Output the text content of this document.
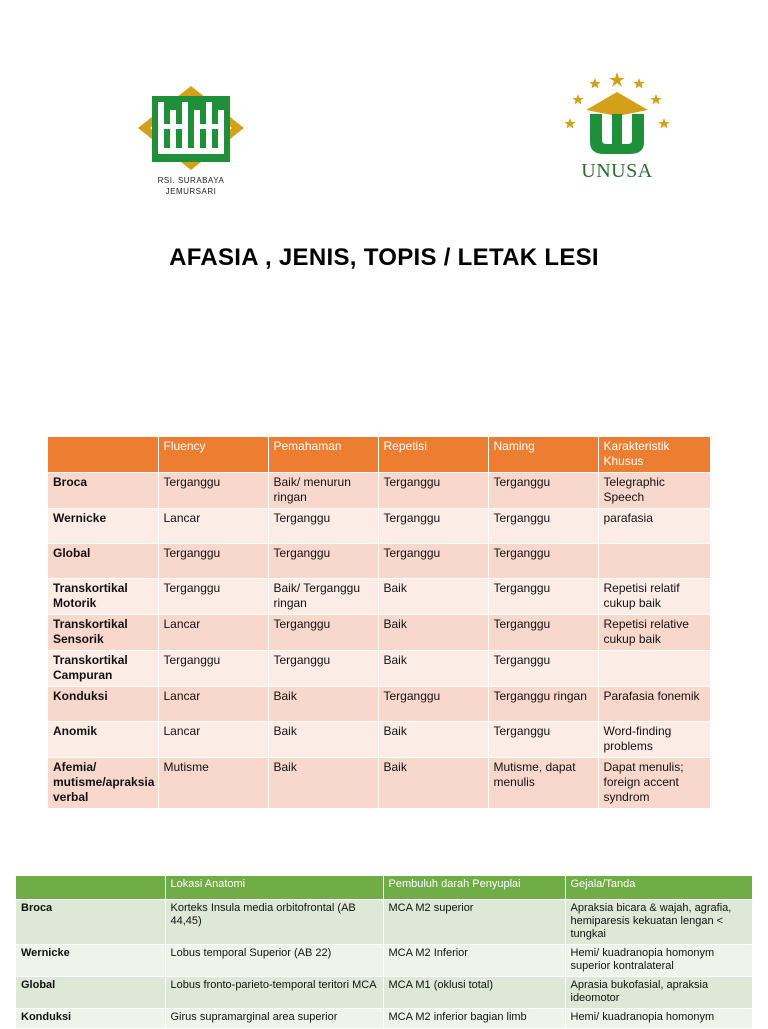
RSI. SURABAYA
JEMURSARI
UNUSA
AFASIA , JENIS, TOPIS / LETAK LESI
	Fluency	Pemahaman	Repetisi	Naming	Karakteristik Khusus
Broca	Terganggu	Baik/ menurun ringan	Terganggu	Terganggu	Telegraphic Speech
Wernicke	Lancar	Terganggu	Terganggu	Terganggu	parafasia
Global	Terganggu	Terganggu	Terganggu	Terganggu	
Transkortikal Motorik	Terganggu	Baik/ Terganggu ringan	Baik	Terganggu	Repetisi relatif cukup baik
Transkortikal Sensorik	Lancar	Terganggu	Baik	Terganggu	Repetisi relative cukup baik
Transkortikal Campuran	Terganggu	Terganggu	Baik	Terganggu	
Konduksi	Lancar	Baik	Terganggu	Terganggu ringan	Parafasia fonemik
Anomik	Lancar	Baik	Baik	Terganggu	Word-finding problems
Afemia/ mutisme/apraksia verbal	Mutisme	Baik	Baik	Mutisme, dapat menulis	Dapat menulis; foreign accent syndrom
	Lokasi Anatomi	Pembuluh darah Penyuplai	Gejala/Tanda
Broca	Korteks Insula media orbitofrontal (AB 44,45)	MCA M2 superior	Apraksia bicara & wajah, agrafia, hemiparesis kekuatan lengan < tungkai
Wernicke	Lobus temporal Superior (AB 22)	MCA M2 Inferior	Hemi/ kuadranopia homonym superior kontralateral
Global	Lobus fronto-parieto-temporal teritori MCA	MCA M1 (oklusi total)	Aprasia bukofasial, apraksia ideomotor
Konduksi	Girus supramarginal area superior	MCA M2 inferior bagian limb	Hemi/ kuadranopia homonym
